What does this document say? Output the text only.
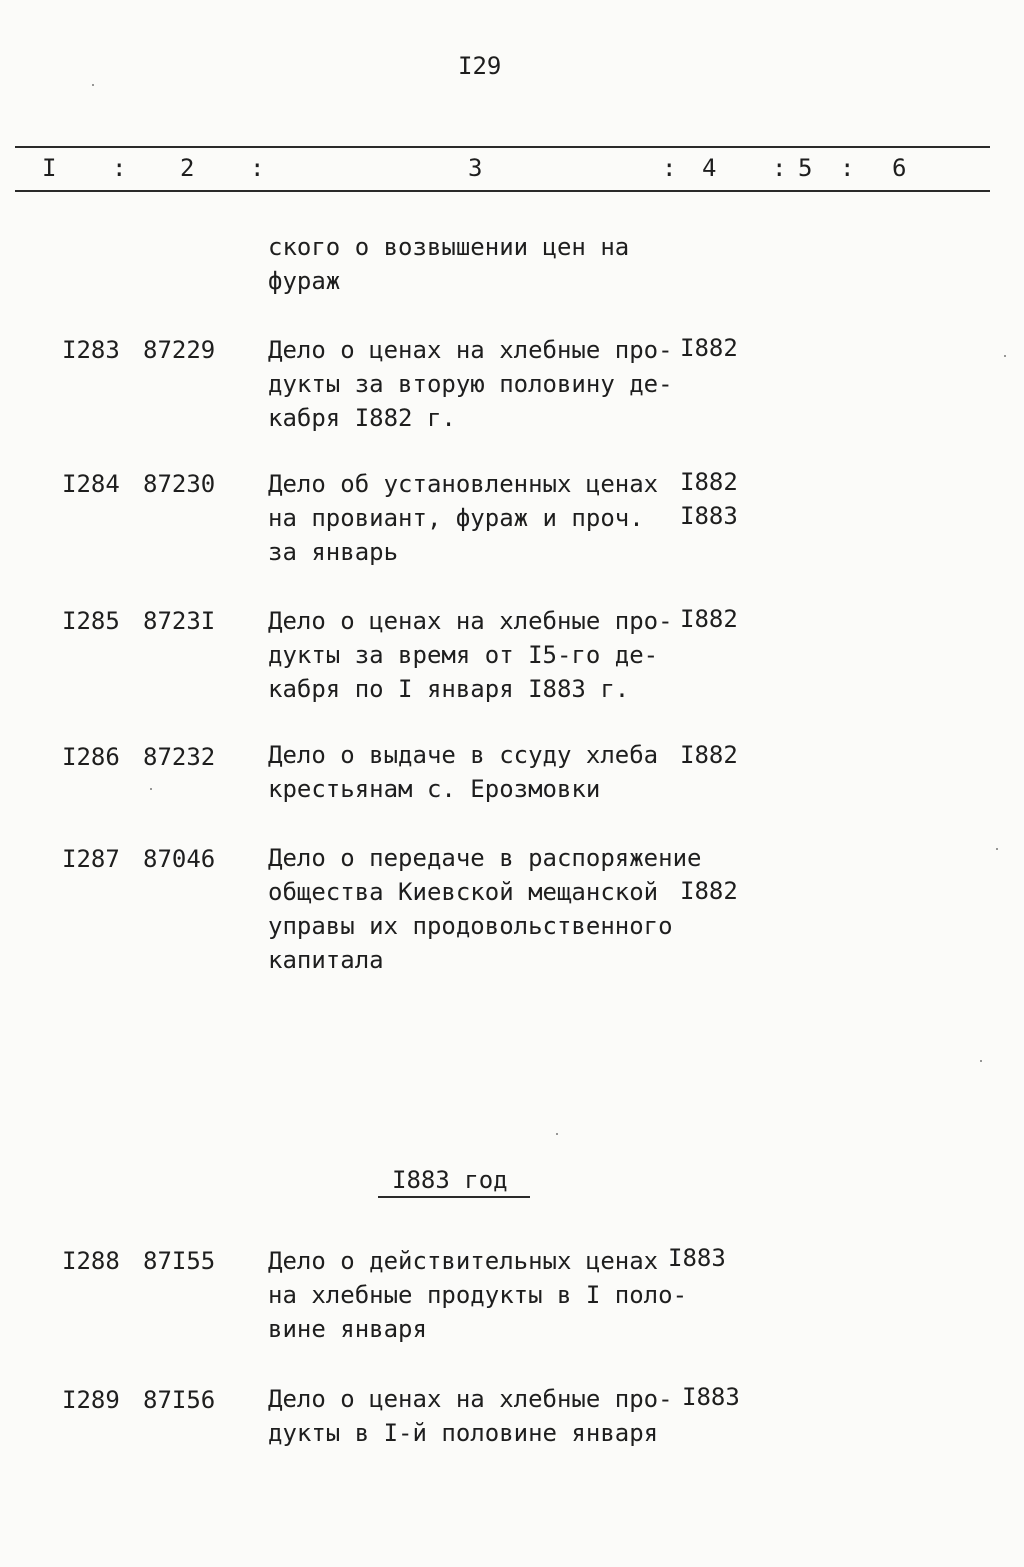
I29
I : 2 :	3	: 4 : 5 : 6
ского о возвышении цен на
фураж
I283 87229 Дело о ценах на хлебные про-
дукты за вторую половину де-
кабря I882 г.
I882
I284 87230 Дело об установленных ценах
на провиант, фураж и проч.
за январь
I882
I883
I285 8723I Дело о ценах на хлебные про-
дукты за время от I5-го де-
кабря по I января I883 г.
I882
I286 87232 Дело о выдаче в ссуду хлеба
крестьянам с. Ерозмовки
I882
I287 87046 Дело о передаче в распоряжение
общества Киевской мещанской
управы их продовольственного
капитала
I882
I883 год
I288 87I55 Дело о действительных ценах
на хлебные продукты в I поло-
вине января
I883
I289 87I56 Дело о ценах на хлебные про-
дукты в I-й половине января
I883
